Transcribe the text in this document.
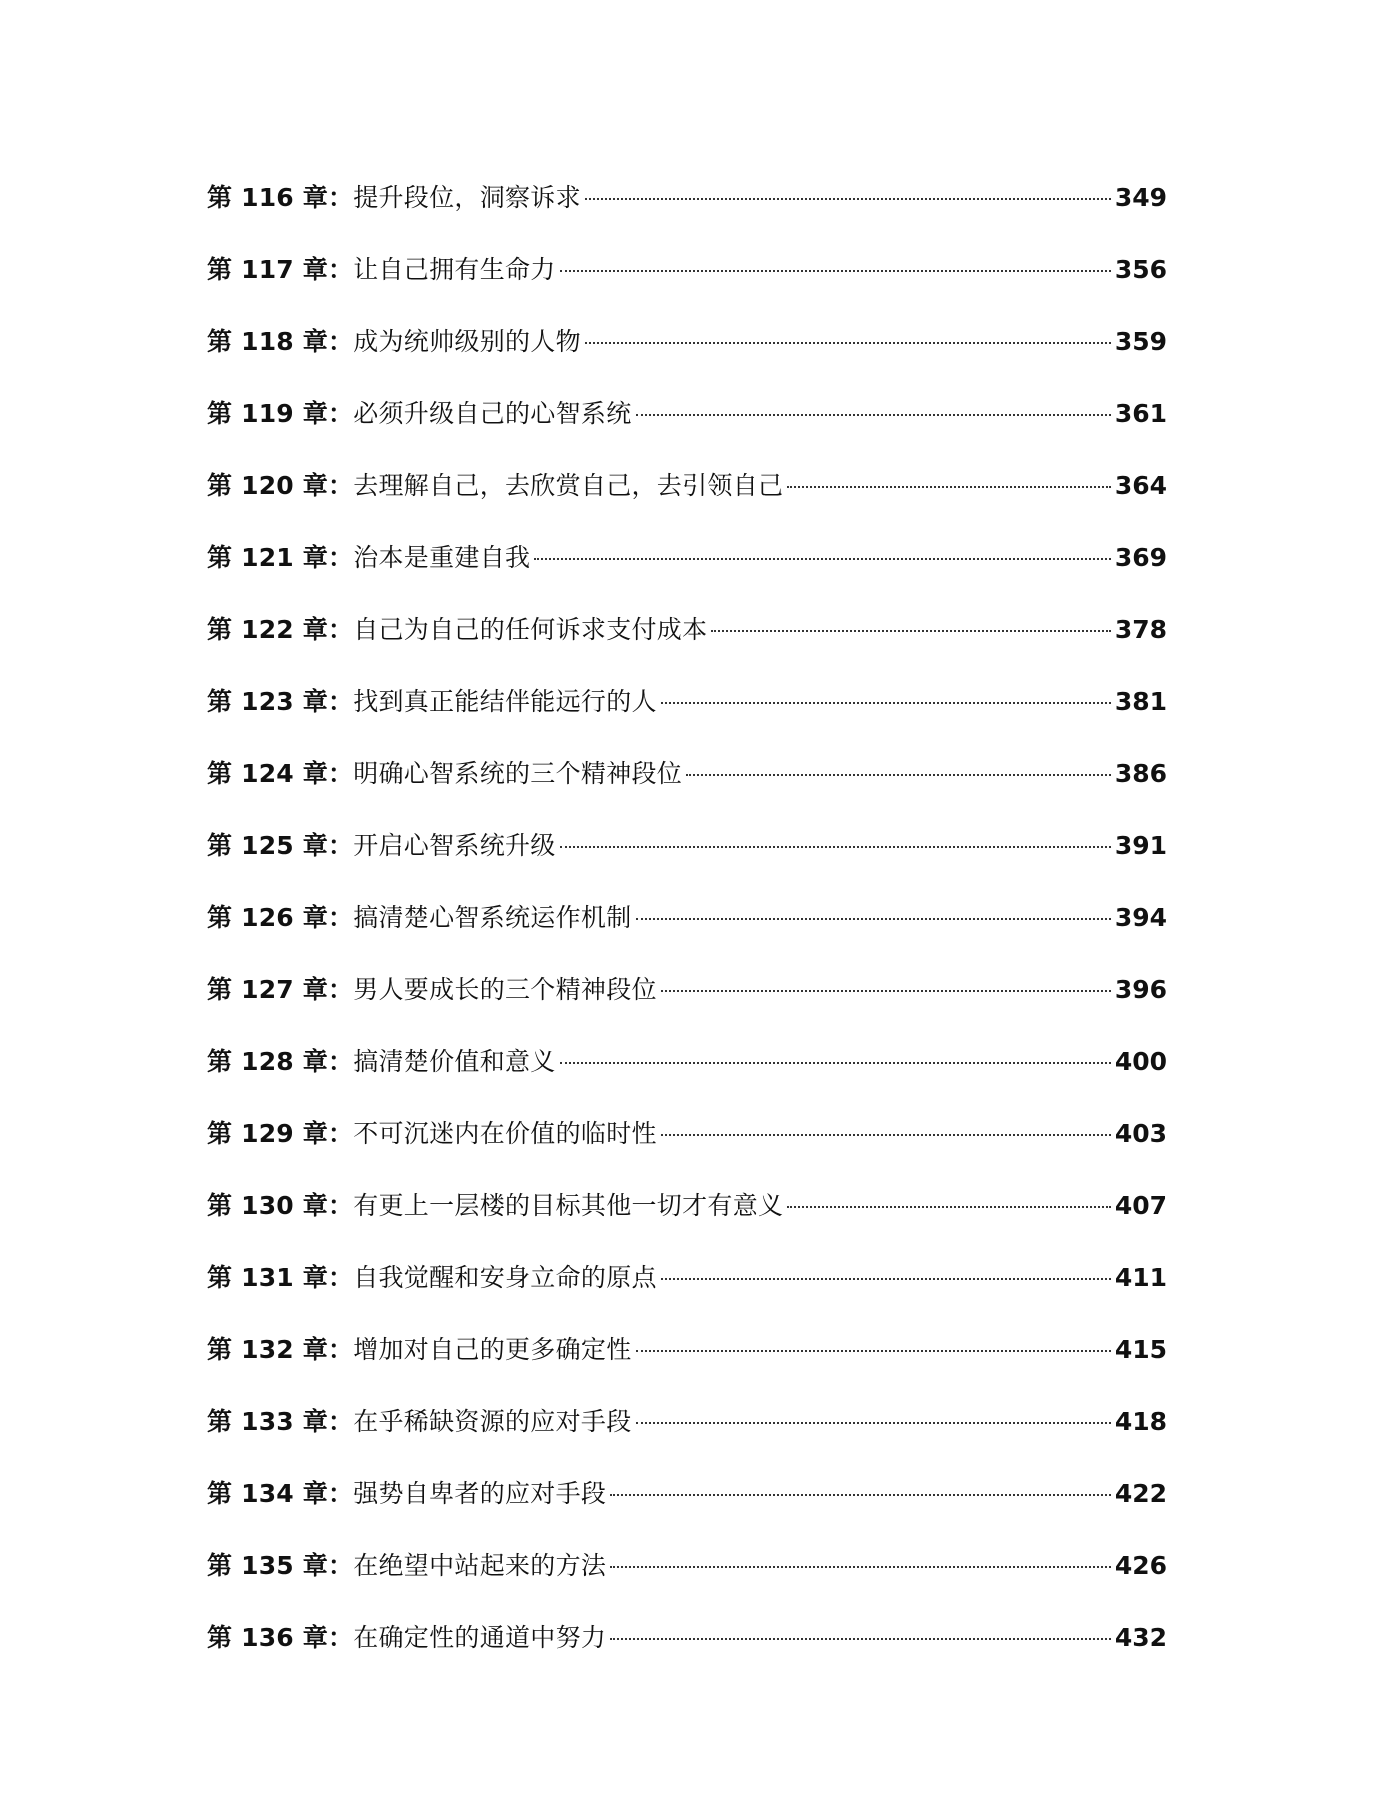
第 116 章： 提升段位，洞察诉求	349
第 117 章： 让自己拥有生命力	356
第 118 章： 成为统帅级别的人物	359
第 119 章： 必须升级自己的心智系统	361
第 120 章： 去理解自己，去欣赏自己，去引领自己	364
第 121 章： 治本是重建自我	369
第 122 章： 自己为自己的任何诉求支付成本	378
第 123 章： 找到真正能结伴能远行的人	381
第 124 章： 明确心智系统的三个精神段位	386
第 125 章： 开启心智系统升级	391
第 126 章： 搞清楚心智系统运作机制	394
第 127 章： 男人要成长的三个精神段位	396
第 128 章： 搞清楚价值和意义	400
第 129 章： 不可沉迷内在价值的临时性	403
第 130 章： 有更上一层楼的目标其他一切才有意义	407
第 131 章： 自我觉醒和安身立命的原点	411
第 132 章： 增加对自己的更多确定性	415
第 133 章： 在乎稀缺资源的应对手段	418
第 134 章： 强势自卑者的应对手段	422
第 135 章： 在绝望中站起来的方法	426
第 136 章： 在确定性的通道中努力	432
